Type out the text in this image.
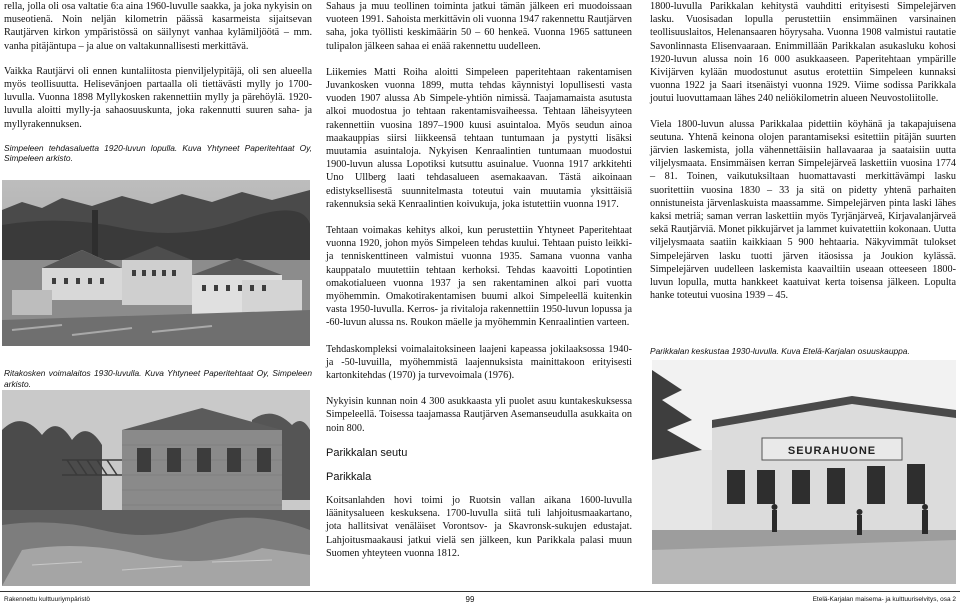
rella, jolla oli osa valtatie 6:a aina 1960-luvulle saakka, ja joka nykyisin on museotienä. Noin neljän kilometrin päässä kasarmeista sijaitsevan Rautjärven kirkon ympäristössä on säilynyt vanhaa kylämiljöötä – mm. vanha pitäjäntupa – ja alue on valtakunnallisesti merkittävä.

Vaikka Rautjärvi oli ennen kuntaliitosta pienviljelypitäjä, oli sen alueella myös teollisuutta. Helisevänjoen partaalla oli tiettävästi mylly jo 1700-luvulla. Vuonna 1898 Myllykosken rakennettiin mylly ja pärehöylä. 1920-luvulla aloitti mylly-ja sahaosuuskunta, joka rakennutti suuren saha- ja myllyrakennuksen.

Simpeleen tehdasaluetta 1920-luvun lopulla. Kuva Yhtyneet Paperitehtaat Oy, Simpeleen arkisto.

Ritakosken voimalaitos 1930-luvulla. Kuva Yhtyneet Paperitehtaat Oy, Simpeleen arkisto.

Sahaus ja muu teollinen toiminta jatkui tämän jälkeen eri muodoissaan vuoteen 1991. Sahoista merkittävin oli vuonna 1947 rakennettu Rautjärven saha, joka työllisti keskimäärin 50 – 60 henkeä. Vuonna 1965 sattuneen tulipalon jälkeen sahaa ei enää rakennettu uudelleen.

Liikemies Matti Roiha aloitti Simpeleen paperitehtaan rakentamisen Juvankosken vuonna 1899, mutta tehdas käynnistyi lopullisesti vasta vuoden 1907 alussa Ab Simpele-yhtiön nimissä. Taajamamaista asutusta alkoi muodostua jo tehtaan rakentamisvaiheessa. Tehtaan läheisyyteen rakennettiin vuosina 1897–1900 kuusi asuintaloa. Myös seudun ainoa maakauppias siirsi liikkeensä tehtaan tuntumaan ja pystytti lisäksi muutamia asuintaloja. Nykyisen Kenraalintien tuntumaan muodostui 1900-luvun alussa Lopotiksi kutsuttu asuinalue. Vuonna 1917 arkkitehti Uno Ullberg laati tehdasalueen asemakaavan. Tästä aikoinaan edistyksellisestä suunnitelmasta toteutui vain muutamia yksittäisiä rakennuksia sekä Kenraalintien koivukuja, joka istutettiin vuonna 1917.

Tehtaan voimakas kehitys alkoi, kun perustettiin Yhtyneet Paperitehtaat vuonna 1920, johon myös Simpeleen tehdas kuului. Tehtaan puisto leikki- ja tenniskenttineen valmistui vuonna 1935. Samana vuonna vanha kauppatalo muutettiin tehtaan kerhoksi. Tehdas kaavoitti Lopotintien omakotialueen vuonna 1937 ja sen rakentaminen alkoi pari vuotta myöhemmin. Omakotirakentamisen buumi alkoi Simpeleellä kuitenkin vasta 1950-luvulla. Kerros- ja rivitaloja rakennettiin 1950-luvun lopussa ja -60-luvun alussa ns. Roukon mäelle ja myöhemmin Kenraalintien varteen.

Tehdaskompleksi voimalaitoksineen laajeni kapeassa jokilaaksossa 1940-ja -50-luvuilla, myöhemmistä laajennuksista mainittakoon erityisesti kartonkitehdas (1970) ja turvevoimala (1976).

Nykyisin kunnan noin 4 300 asukkaasta yli puolet asuu kuntakeskuksessa Simpeleellä. Toisessa taajamassa Rautjärven Asemanseudulla asukkaita on noin 800.

Parikkalan seutu
Parikkala

Koitsanlahden hovi toimi jo Ruotsin vallan aikana 1600-luvulla läänitysalueen keskuksena. 1700-luvulla siitä tuli lahjoitusmaakartano, jota hallitsivat venäläiset Vorontsov- ja Skavronsk-sukujen edustajat. Lahjoitusmaakausi jatkui vielä sen jälkeen, kun Parikkala palasi muun Suomen yhteyteen vuonna 1812.

1800-luvulla Parikkalan kehitystä vauhditti erityisesti Simpelejärven lasku. Vuosisadan lopulla perustettiin ensimmäinen varsinainen teollisuuslaitos, Helenansaaren höyrysaha. Vuonna 1908 valmistui rautatie Savonlinnasta Elisenvaaraan. Enimmillään Parikkalan asukasluku kohosi 1920-luvun alussa noin 16 000 asukkaaseen. Paperitehtaan ympärille Kivijärven kylään muodostunut asutus erotettiin Simpeleen kunnaksi vuonna 1922 ja Saari itsenäistyi vuonna 1929. Viime sodissa Parikkala joutui luovuttamaan lähes 240 neliökilometrin alueen Neuvostoliitolle.

Viela 1800-luvun alussa Parikkalaa pidettiin köyhänä ja takapajuisena seutuna. Yhtenä keinona olojen parantamiseksi esitettiin pitäjän suurten järvien laskemista, jolla vähennettäisiin hallavaaraa ja saataisiin uutta viljelysmaata. Ensimmäisen kerran Simpelejärveä laskettiin vuosina 1774 – 81. Toinen, vaikutuksiltaan huomattavasti merkittävämpi lasku suoritettiin vuosina 1830 – 33 ja sitä on pidetty yhtenä parhaiten onnistuneista järvenlaskuista maassamme. Simpelejärven pinta laski lähes kaksi metriä; saman verran laskettiin myös Tyrjänjärveä, Kirjavalanjärveä sekä Rautjärviä. Monet pikkujärvet ja lammet kuivatettiin kokonaan. Uutta viljelysmaata saatiin kaikkiaan 5 900 hehtaaria. Näkyvimmät tulokset Simpelejärven lasku tuotti järven itäosissa ja Joukion kylässä. Simpelejärven uudelleen laskemista kaavailtiin useaan otteeseen 1800-luvun lopulla, mutta hankkeet kaatuivat kerta toisensa jälkeen. Lopulta hanke toteutui vuosina 1939 – 45.

Parikkalan keskustaa 1930-luvulla. Kuva Etelä-Karjalan osuuskauppa.

SEURAHUONE
Rakennettu kulttuuriympäristö	99	Etelä-Karjalan maisema- ja kulttuuriselvitys, osa 2
